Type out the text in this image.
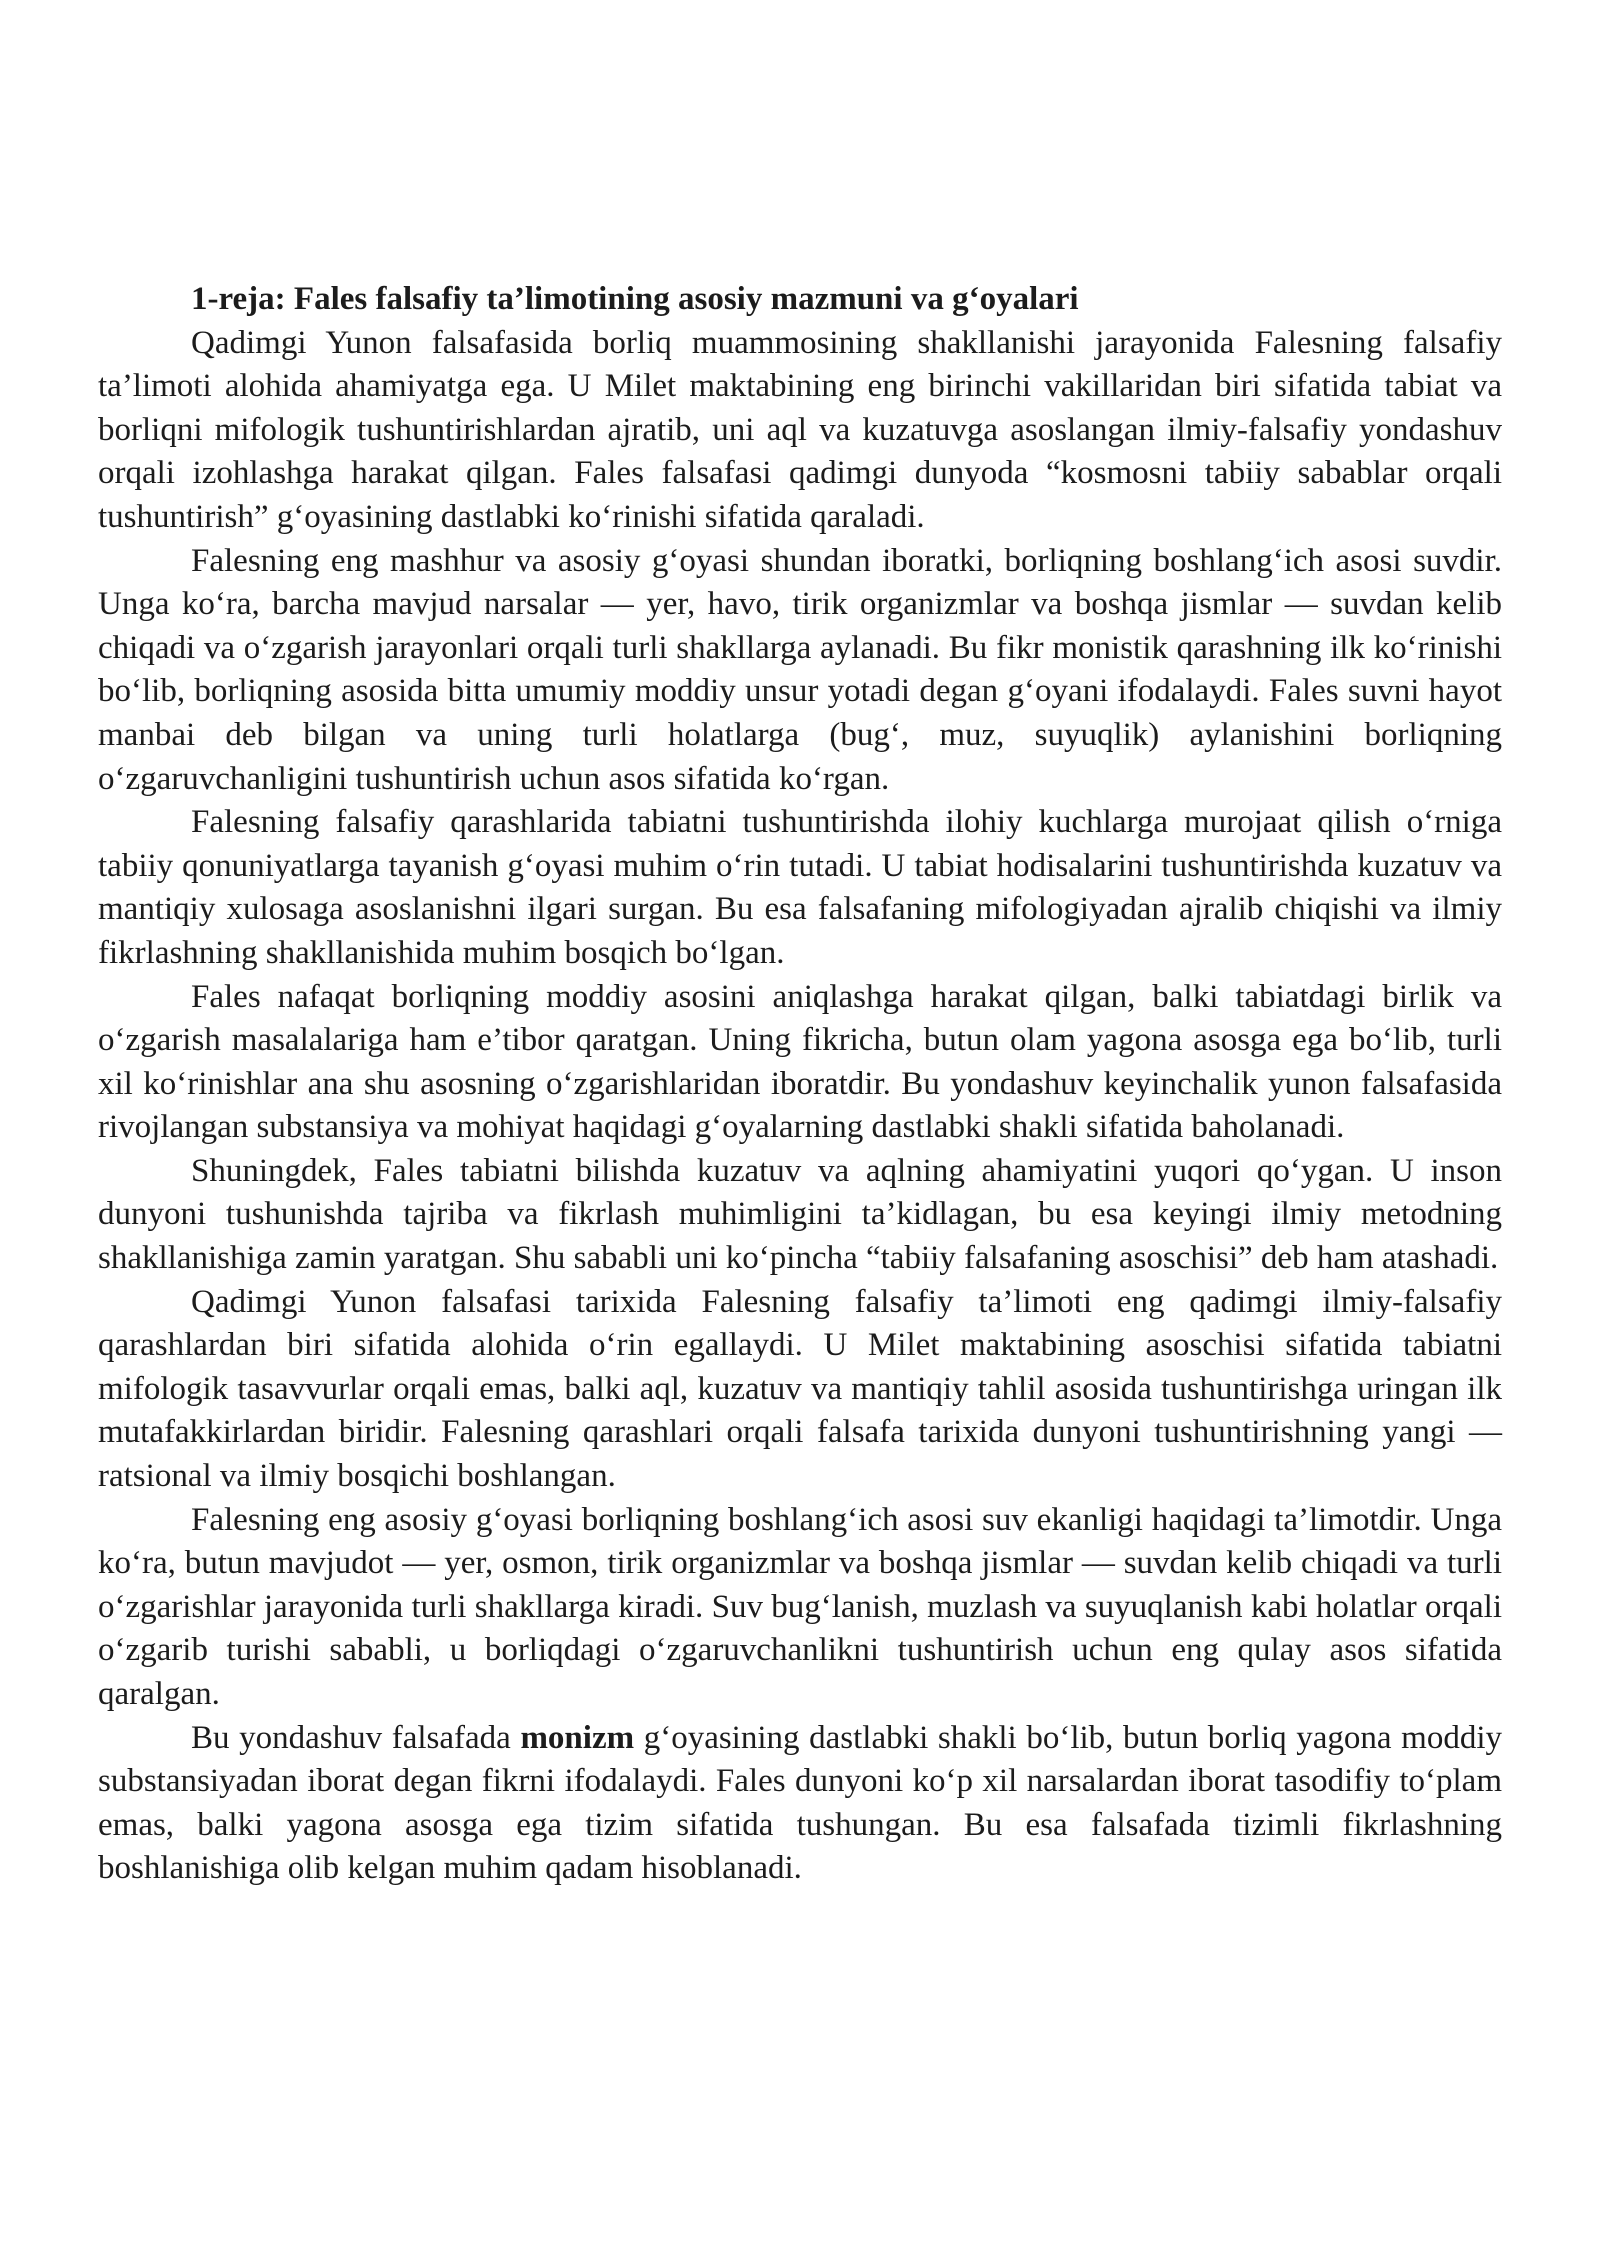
1-reja: Fales falsafiy ta’limotining asosiy mazmuni va g‘oyalari

Qadimgi Yunon falsafasida borliq muammosining shakllanishi jarayonida Falesning falsafiy ta’limoti alohida ahamiyatga ega. U Milet maktabining eng birinchi vakillaridan biri sifatida tabiat va borliqni mifologik tushuntirishlardan ajratib, uni aql va kuzatuvga asoslangan ilmiy-falsafiy yondashuv orqali izohlashga harakat qilgan. Fales falsafasi qadimgi dunyoda “kosmosni tabiiy sabablar orqali tushuntirish” g‘oyasining dastlabki ko‘rinishi sifatida qaraladi.

Falesning eng mashhur va asosiy g‘oyasi shundan iboratki, borliqning boshlang‘ich asosi suvdir. Unga ko‘ra, barcha mavjud narsalar — yer, havo, tirik organizmlar va boshqa jismlar — suvdan kelib chiqadi va o‘zgarish jarayonlari orqali turli shakllarga aylanadi. Bu fikr monistik qarashning ilk ko‘rinishi bo‘lib, borliqning asosida bitta umumiy moddiy unsur yotadi degan g‘oyani ifodalaydi. Fales suvni hayot manbai deb bilgan va uning turli holatlarga (bug‘, muz, suyuqlik) aylanishini borliqning o‘zgaruvchanligini tushuntirish uchun asos sifatida ko‘rgan.

Falesning falsafiy qarashlarida tabiatni tushuntirishda ilohiy kuchlarga murojaat qilish o‘rniga tabiiy qonuniyatlarga tayanish g‘oyasi muhim o‘rin tutadi. U tabiat hodisalarini tushuntirishda kuzatuv va mantiqiy xulosaga asoslanishni ilgari surgan. Bu esa falsafaning mifologiyadan ajralib chiqishi va ilmiy fikrlashning shakllanishida muhim bosqich bo‘lgan.

Fales nafaqat borliqning moddiy asosini aniqlashga harakat qilgan, balki tabiatdagi birlik va o‘zgarish masalalariga ham e’tibor qaratgan. Uning fikricha, butun olam yagona asosga ega bo‘lib, turli xil ko‘rinishlar ana shu asosning o‘zgarishlaridan iboratdir. Bu yondashuv keyinchalik yunon falsafasida rivojlangan substansiya va mohiyat haqidagi g‘oyalarning dastlabki shakli sifatida baholanadi.

Shuningdek, Fales tabiatni bilishda kuzatuv va aqlning ahamiyatini yuqori qo‘ygan. U inson dunyoni tushunishda tajriba va fikrlash muhimligini ta’kidlagan, bu esa keyingi ilmiy metodning shakllanishiga zamin yaratgan. Shu sababli uni ko‘pincha “tabiiy falsafaning asoschisi” deb ham atashadi.

Qadimgi Yunon falsafasi tarixida Falesning falsafiy ta’limoti eng qadimgi ilmiy-falsafiy qarashlardan biri sifatida alohida o‘rin egallaydi. U Milet maktabining asoschisi sifatida tabiatni mifologik tasavvurlar orqali emas, balki aql, kuzatuv va mantiqiy tahlil asosida tushuntirishga uringan ilk mutafakkirlardan biridir. Falesning qarashlari orqali falsafa tarixida dunyoni tushuntirishning yangi — ratsional va ilmiy bosqichi boshlangan.

Falesning eng asosiy g‘oyasi borliqning boshlang‘ich asosi suv ekanligi haqidagi ta’limotdir. Unga ko‘ra, butun mavjudot — yer, osmon, tirik organizmlar va boshqa jismlar — suvdan kelib chiqadi va turli o‘zgarishlar jarayonida turli shakllarga kiradi. Suv bug‘lanish, muzlash va suyuqlanish kabi holatlar orqali o‘zgarib turishi sababli, u borliqdagi o‘zgaruvchanlikni tushuntirish uchun eng qulay asos sifatida qaralgan.

Bu yondashuv falsafada monizm g‘oyasining dastlabki shakli bo‘lib, butun borliq yagona moddiy substansiyadan iborat degan fikrni ifodalaydi. Fales dunyoni ko‘p xil narsalardan iborat tasodifiy to‘plam emas, balki yagona asosga ega tizim sifatida tushungan. Bu esa falsafada tizimli fikrlashning boshlanishiga olib kelgan muhim qadam hisoblanadi.
